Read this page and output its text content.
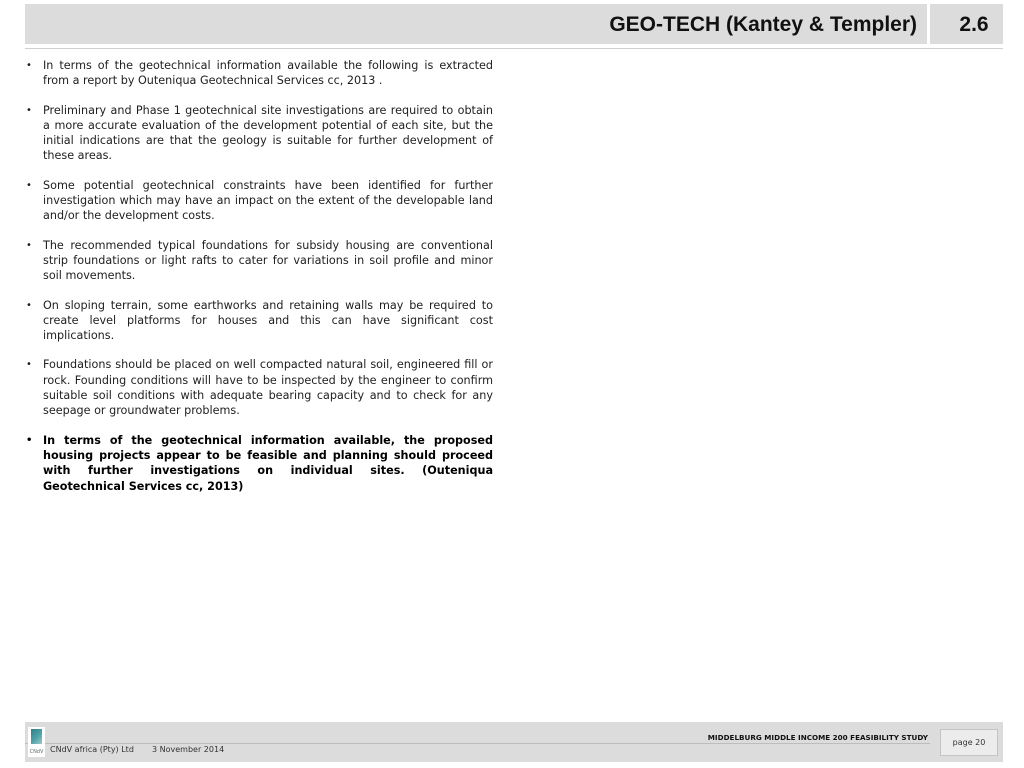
GEO-TECH (Kantey & Templer)	2.6
• In terms of the geotechnical information available the following is extracted from a report by Outeniqua Geotechnical Services cc, 2013 .
• Preliminary and Phase 1 geotechnical site investigations are required to obtain a more accurate evaluation of the development potential of each site, but the initial indications are that the geology is suitable for further development of these areas.
• Some potential geotechnical constraints have been identified for further investigation which may have an impact on the extent of the developable land and/or the development costs.
• The recommended typical foundations for subsidy housing are conventional strip foundations or light rafts to cater for variations in soil profile and minor soil movements.
• On sloping terrain, some earthworks and retaining walls may be required to create level platforms for houses and this can have significant cost implications.
• Foundations should be placed on well compacted natural soil, engineered fill or rock. Founding conditions will have to be inspected by the engineer to confirm suitable soil conditions with adequate bearing capacity and to check for any seepage or groundwater problems.
• In terms of the geotechnical information available, the proposed housing projects appear to be feasible and planning should proceed with further investigations on individual sites. (Outeniqua Geotechnical Services cc, 2013)
CNdV CNdV africa (Pty) Ltd 3 November 2014
MIDDELBURG MIDDLE INCOME 200 FEASIBILITY STUDY
page 20
